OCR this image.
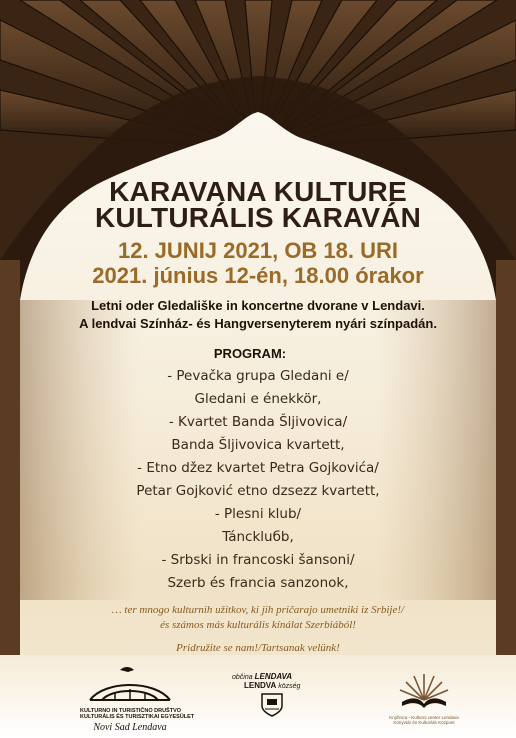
KARAVANA KULTURE
KULTURÁLIS KARAVÁN
12. JUNIJ 2021, OB 18. URI
2021. június 12-én, 18.00 órakor
Letni oder Gledališke in koncertne dvorane v Lendavi.
A lendvai Színház- és Hangversenyterem nyári színpadán.
PROGRAM:
- Pevačka grupa Gledani e/
Gledani e énekkör,
- Kvartet Banda Šljivovica/
Banda Šljivovica kvartett,
- Etno džez kvartet Petra Gojkovića/
Petar Gojković etno dzsezz kvartett,
- Plesni klub/
Tánckluбb,
- Srbski in francoski šansoni/
Szerb és francia sanzonok,
… ter mnogo kulturnih užitkov, ki jih pričarajo umetniki iz Srbije!/
és számos más kulturális kínálat Szerbiából!
Pridružite se nam!/Tartsanak velünk!
KULTURNO IN TURISTIČNO DRUŠTVO
KULTURÁLIS ÉS TURISZTIKAI EGYESÜLET
Novi Sad Lendava
občina LENDAVA
LENDVA község
Knjižnica - Kulturni center Lendava
Könyvtár és Kulturális Központ
